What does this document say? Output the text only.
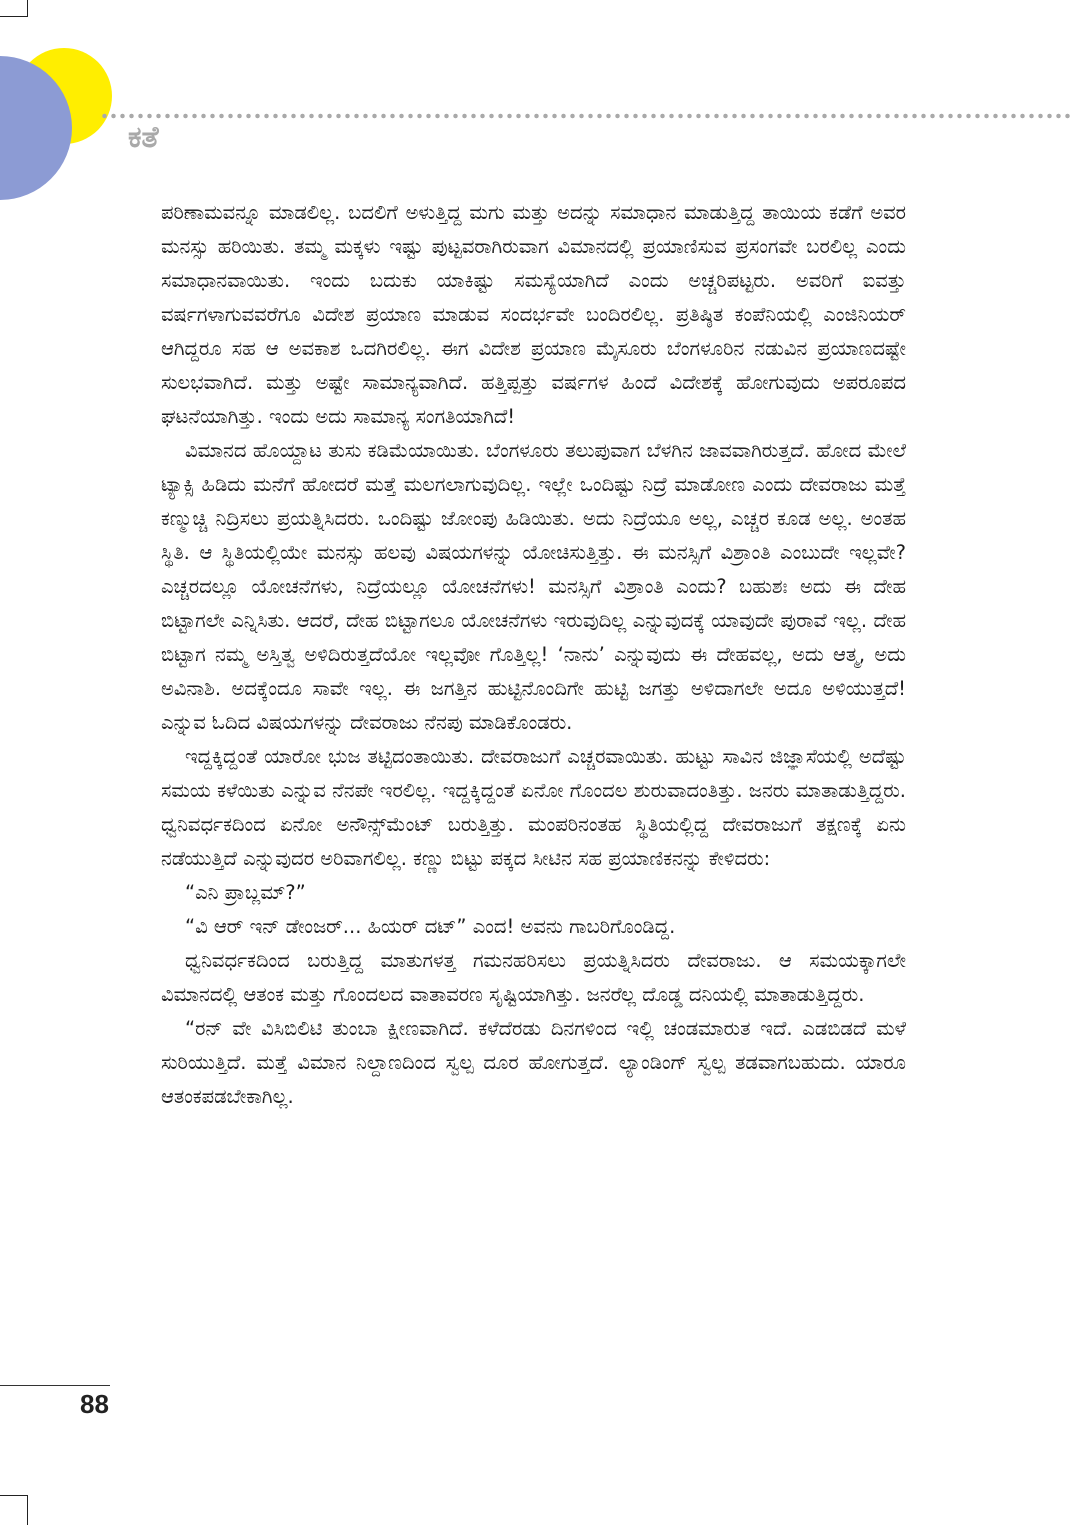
ಕತೆ

ಪರಿಣಾಮವನ್ನೂ ಮಾಡಲಿಲ್ಲ. ಬದಲಿಗೆ ಅಳುತ್ತಿದ್ದ ಮಗು ಮತ್ತು ಅದನ್ನು ಸಮಾಧಾನ ಮಾಡುತ್ತಿದ್ದ ತಾಯಿಯ ಕಡೆಗೆ ಅವರ ಮನಸ್ಸು ಹರಿಯಿತು. ತಮ್ಮ ಮಕ್ಕಳು ಇಷ್ಟು ಪುಟ್ಟವರಾಗಿರುವಾಗ ವಿಮಾನದಲ್ಲಿ ಪ್ರಯಾಣಿಸುವ ಪ್ರಸಂಗವೇ ಬರಲಿಲ್ಲ ಎಂದು ಸಮಾಧಾನವಾಯಿತು. ಇಂದು ಬದುಕು ಯಾಕಿಷ್ಟು ಸಮಸ್ಯೆಯಾಗಿದೆ ಎಂದು ಅಚ್ಚರಿಪಟ್ಟರು. ಅವರಿಗೆ ಐವತ್ತು ವರ್ಷಗಳಾಗುವವರೆಗೂ ವಿದೇಶ ಪ್ರಯಾಣ ಮಾಡುವ ಸಂದರ್ಭವೇ ಬಂದಿರಲಿಲ್ಲ. ಪ್ರತಿಷ್ಠಿತ ಕಂಪೆನಿಯಲ್ಲಿ ಎಂಜಿನಿಯರ್ ಆಗಿದ್ದರೂ ಸಹ ಆ ಅವಕಾಶ ಒದಗಿರಲಿಲ್ಲ. ಈಗ ವಿದೇಶ ಪ್ರಯಾಣ ಮೈಸೂರು ಬೆಂಗಳೂರಿನ ನಡುವಿನ ಪ್ರಯಾಣದಷ್ಟೇ ಸುಲಭವಾಗಿದೆ. ಮತ್ತು ಅಷ್ಟೇ ಸಾಮಾನ್ಯವಾಗಿದೆ. ಹತ್ತಿಪ್ಪತ್ತು ವರ್ಷಗಳ ಹಿಂದೆ ವಿದೇಶಕ್ಕೆ ಹೋಗುವುದು ಅಪರೂಪದ ಘಟನೆಯಾಗಿತ್ತು. ಇಂದು ಅದು ಸಾಮಾನ್ಯ ಸಂಗತಿಯಾಗಿದೆ!

ವಿಮಾನದ ಹೊಯ್ದಾಟ ತುಸು ಕಡಿಮೆಯಾಯಿತು. ಬೆಂಗಳೂರು ತಲುಪುವಾಗ ಬೆಳಗಿನ ಜಾವವಾಗಿರುತ್ತದೆ. ಹೋದ ಮೇಲೆ ಟ್ಯಾಕ್ಸಿ ಹಿಡಿದು ಮನೆಗೆ ಹೋದರೆ ಮತ್ತೆ ಮಲಗಲಾಗುವುದಿಲ್ಲ. ಇಲ್ಲೇ ಒಂದಿಷ್ಟು ನಿದ್ರೆ ಮಾಡೋಣ ಎಂದು ದೇವರಾಜು ಮತ್ತೆ ಕಣ್ಮುಚ್ಚಿ ನಿದ್ರಿಸಲು ಪ್ರಯತ್ನಿಸಿದರು. ಒಂದಿಷ್ಟು ಜೋಂಪು ಹಿಡಿಯಿತು. ಅದು ನಿದ್ರೆಯೂ ಅಲ್ಲ, ಎಚ್ಚರ ಕೂಡ ಅಲ್ಲ. ಅಂತಹ ಸ್ಥಿತಿ. ಆ ಸ್ಥಿತಿಯಲ್ಲಿಯೇ ಮನಸ್ಸು ಹಲವು ವಿಷಯಗಳನ್ನು ಯೋಚಿಸುತ್ತಿತ್ತು. ಈ ಮನಸ್ಸಿಗೆ ವಿಶ್ರಾಂತಿ ಎಂಬುದೇ ಇಲ್ಲವೇ? ಎಚ್ಚರದಲ್ಲೂ ಯೋಚನೆಗಳು, ನಿದ್ರೆಯಲ್ಲೂ ಯೋಚನೆಗಳು! ಮನಸ್ಸಿಗೆ ವಿಶ್ರಾಂತಿ ಎಂದು? ಬಹುಶಃ ಅದು ಈ ದೇಹ ಬಿಟ್ಟಾಗಲೇ ಎನ್ನಿಸಿತು. ಆದರೆ, ದೇಹ ಬಿಟ್ಟಾಗಲೂ ಯೋಚನೆಗಳು ಇರುವುದಿಲ್ಲ ಎನ್ನುವುದಕ್ಕೆ ಯಾವುದೇ ಪುರಾವೆ ಇಲ್ಲ. ದೇಹ ಬಿಟ್ಟಾಗ ನಮ್ಮ ಅಸ್ತಿತ್ವ ಅಳಿದಿರುತ್ತದೆಯೋ ಇಲ್ಲವೋ ಗೊತ್ತಿಲ್ಲ! ‘ನಾನು’ ಎನ್ನುವುದು ಈ ದೇಹವಲ್ಲ, ಅದು ಆತ್ಮ, ಅದು ಅವಿನಾಶಿ. ಅದಕ್ಕೆಂದೂ ಸಾವೇ ಇಲ್ಲ. ಈ ಜಗತ್ತಿನ ಹುಟ್ಟಿನೊಂದಿಗೇ ಹುಟ್ಟಿ ಜಗತ್ತು ಅಳಿದಾಗಲೇ ಅದೂ ಅಳಿಯುತ್ತದೆ! ಎನ್ನುವ ಓದಿದ ವಿಷಯಗಳನ್ನು ದೇವರಾಜು ನೆನಪು ಮಾಡಿಕೊಂಡರು.

ಇದ್ದಕ್ಕಿದ್ದಂತೆ ಯಾರೋ ಭುಜ ತಟ್ಟಿದಂತಾಯಿತು. ದೇವರಾಜುಗೆ ಎಚ್ಚರವಾಯಿತು. ಹುಟ್ಟು ಸಾವಿನ ಜಿಜ್ಞಾಸೆಯಲ್ಲಿ ಅದೆಷ್ಟು ಸಮಯ ಕಳೆಯಿತು ಎನ್ನುವ ನೆನಪೇ ಇರಲಿಲ್ಲ. ಇದ್ದಕ್ಕಿದ್ದಂತೆ ಏನೋ ಗೊಂದಲ ಶುರುವಾದಂತಿತ್ತು. ಜನರು ಮಾತಾಡುತ್ತಿದ್ದರು. ಧ್ವನಿವರ್ಧಕದಿಂದ ಏನೋ ಅನೌನ್ಸ್‌ಮೆಂಟ್ ಬರುತ್ತಿತ್ತು. ಮಂಪರಿನಂತಹ ಸ್ಥಿತಿಯಲ್ಲಿದ್ದ ದೇವರಾಜುಗೆ ತಕ್ಷಣಕ್ಕೆ ಏನು ನಡೆಯುತ್ತಿದೆ ಎನ್ನುವುದರ ಅರಿವಾಗಲಿಲ್ಲ. ಕಣ್ಣು ಬಿಟ್ಟು ಪಕ್ಕದ ಸೀಟಿನ ಸಹ ಪ್ರಯಾಣಿಕನನ್ನು ಕೇಳಿದರು:

“ಎನಿ ಪ್ರಾಬ್ಲಮ್?”

“ವಿ ಆರ್ ಇನ್ ಡೇಂಜರ್... ಹಿಯರ್ ದಟ್” ಎಂದ! ಅವನು ಗಾಬರಿಗೊಂಡಿದ್ದ.

ಧ್ವನಿವರ್ಧಕದಿಂದ ಬರುತ್ತಿದ್ದ ಮಾತುಗಳತ್ತ ಗಮನಹರಿಸಲು ಪ್ರಯತ್ನಿಸಿದರು ದೇವರಾಜು. ಆ ಸಮಯಕ್ಕಾಗಲೇ ವಿಮಾನದಲ್ಲಿ ಆತಂಕ ಮತ್ತು ಗೊಂದಲದ ವಾತಾವರಣ ಸೃಷ್ಟಿಯಾಗಿತ್ತು. ಜನರೆಲ್ಲ ದೊಡ್ಡ ದನಿಯಲ್ಲಿ ಮಾತಾಡುತ್ತಿದ್ದರು.

“ರನ್ ವೇ ವಿಸಿಬಿಲಿಟಿ ತುಂಬಾ ಕ್ಷೀಣವಾಗಿದೆ. ಕಳೆದೆರಡು ದಿನಗಳಿಂದ ಇಲ್ಲಿ ಚಂಡಮಾರುತ ಇದೆ. ಎಡಬಿಡದೆ ಮಳೆ ಸುರಿಯುತ್ತಿದೆ. ಮತ್ತೆ ವಿಮಾನ ನಿಲ್ದಾಣದಿಂದ ಸ್ವಲ್ಪ ದೂರ ಹೋಗುತ್ತದೆ. ಲ್ಯಾಂಡಿಂಗ್ ಸ್ವಲ್ಪ ತಡವಾಗಬಹುದು. ಯಾರೂ ಆತಂಕಪಡಬೇಕಾಗಿಲ್ಲ.

88
